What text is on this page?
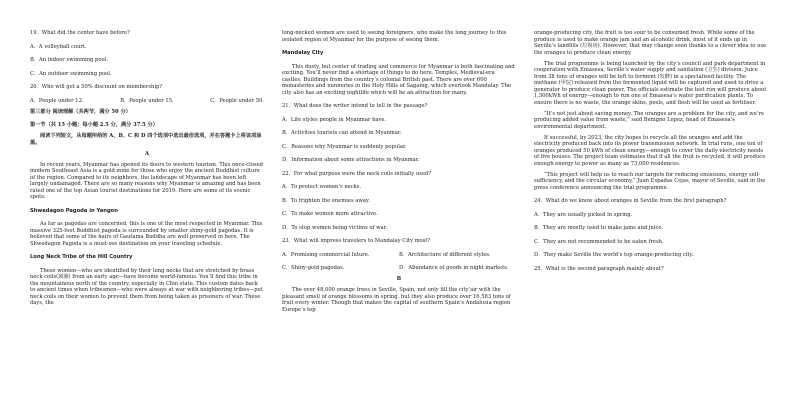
19．What did the center have before?

A．A volleyball court.

B．An indoor swimming pool.

C．An outdoor swimming pool.

20．Who will get a 50% discount on membership?

A．People under 12.	B．People under 15.	C．People under 50.

第三部分 阅读理解（共两节，满分 50 分）

第一节（共 15 小题；每小题 2.5 分，满分 37.5 分）

阅读下列短文，从每题所给的 A、B、C 和 D 四个选项中选出最佳选项，并在答题卡上将该项涂黑。

A

In recent years, Myanmar has opened its doors to western tourism. This once-closed modern Southeast Asia is a gold mine for those who enjoy the ancient Buddhist culture of the region. Compared to its neighbors, the landscape of Myanmar has been left largely undamaged. There are so many reasons why Myanmar is amazing and has been rated one of the top Asian tourist destinations for 2019. Here are some of its scenic spots:

Shwedagon Pagoda in Yangon

As far as pagodas are concerned, this is one of the most respected in Myanmar. This massive 325-foot Buddhist pagoda is surrounded by smaller shiny-gold pagodas. It is believed that some of the hairs of Gautama Buddha are well preserved in here. The Shwedagon Pagoda is a must-see destination on your traveling schedule.

Long Neck Tribe of the Hill Country

These women—who are identified by their long necks that are stretched by brass neck coils(颈圈) from an early age—have become world-famous. You’ll find this tribe in the mountainous north of the country, especially in Chin state. This custom dates back to ancient times when tribesmen—who were always at war with neighboring tribes—put neck coils on their women to prevent them from being taken as prisoners of war. These days, the

long-necked women are used to seeing foreigners, who make the long journey to this isolated region of Myanmar for the purpose of seeing them.

Mandalay City

This dusty, but center of trading and commerce for Myanmar is both fascinating and exciting. You’ll never find a shortage of things to do here. Temples, Medieval-era castles, Buildings from the country’s colonial British past. There are over 600 monasteries and nunneries in the Holy Hills of Sagaing, which overlook Mandalay. The city also has an exciting nightlife which will be an attraction for many.

21．What does the writer intend to tell in the passage?

A．Life styles people in Myanmar have.

B．Activities tourists can attend in Myanmar.

C．Reasons why Myanmar is suddenly popular.

D．Information about some attractions in Myanmar.

22．For what purpose were the neck coils initially used?

A．To protect women’s necks.

B．To frighten the enemies away.

C．To make women more attractive.

D．To stop women being victims of war.

23．What will impress travelers to Mandalay City most?

A．Promising commercial future.	B．Architecture of different styles.
C．Shiny-gold pagodas.	D．Abundance of goods in night markets.

B

The over 48,000 orange trees in Seville, Spain, not only fill the city’air with the pleasant smell of orange blossoms in spring, but they also produce over 16,583 tons of fruit every winter. Though that makes the capital of southern Spain’s Andalusia region Europe’s top

orange-producing city, the fruit is too sour to be consumed fresh. While some of the produce is used to make orange jam and an alcoholic drink, most of it ends up in Seville’s landfills (垃圾场). However, that may change soon thanks to a clever idea to use the oranges to produce clean energy.

The trial programme is being launched by the city’s council and park department in cooperation with Emasesa, Seville’s water supply and sanitation (卫生) division. Juice from 38 tons of oranges will be left to ferment (发酵) in a specialised facility. The methane (甲烷) released from the fermented liquid will be captured and used to drive a generator to produce clean power. The officials estimate the test run will produce about 1,500kWh of energy—enough to run one of Emasesa’s water purification plants. To ensure there is no waste, the orange skins, peels, and flesh will be used as fertiliser.

“It’s not just about saving money. The oranges are a problem for the city, and we’re producing added value from waste,” said Benigno Lopez, head of Emasesa’s environmental department.

If successful, by 2023, the city hopes to recycle all the oranges and add the electricity produced back into its power transmission network. In trial runs, one ton of oranges produced 50 kWh of clean energy—enough to cover the daily electricity needs of five houses. The project team estimates that if all the fruit is recycled, it will produce enough energy to power as many as 73,000 residences.

“This project will help us to reach our targets for reducing emissions, energy self-sufficiency, and the circular economy,” Juan Espadas Cejas, mayor of Seville, said in the press conference announcing the trial programme.

24．What do we know about oranges in Seville from the first paragraph?

A．They are usually picked in spring.

B．They are mostly used to make jams and juice.

C．They are not recommended to be eaten fresh.

D．They make Seville the world’s top orange-producing city.

25．What is the second paragraph mainly about?
